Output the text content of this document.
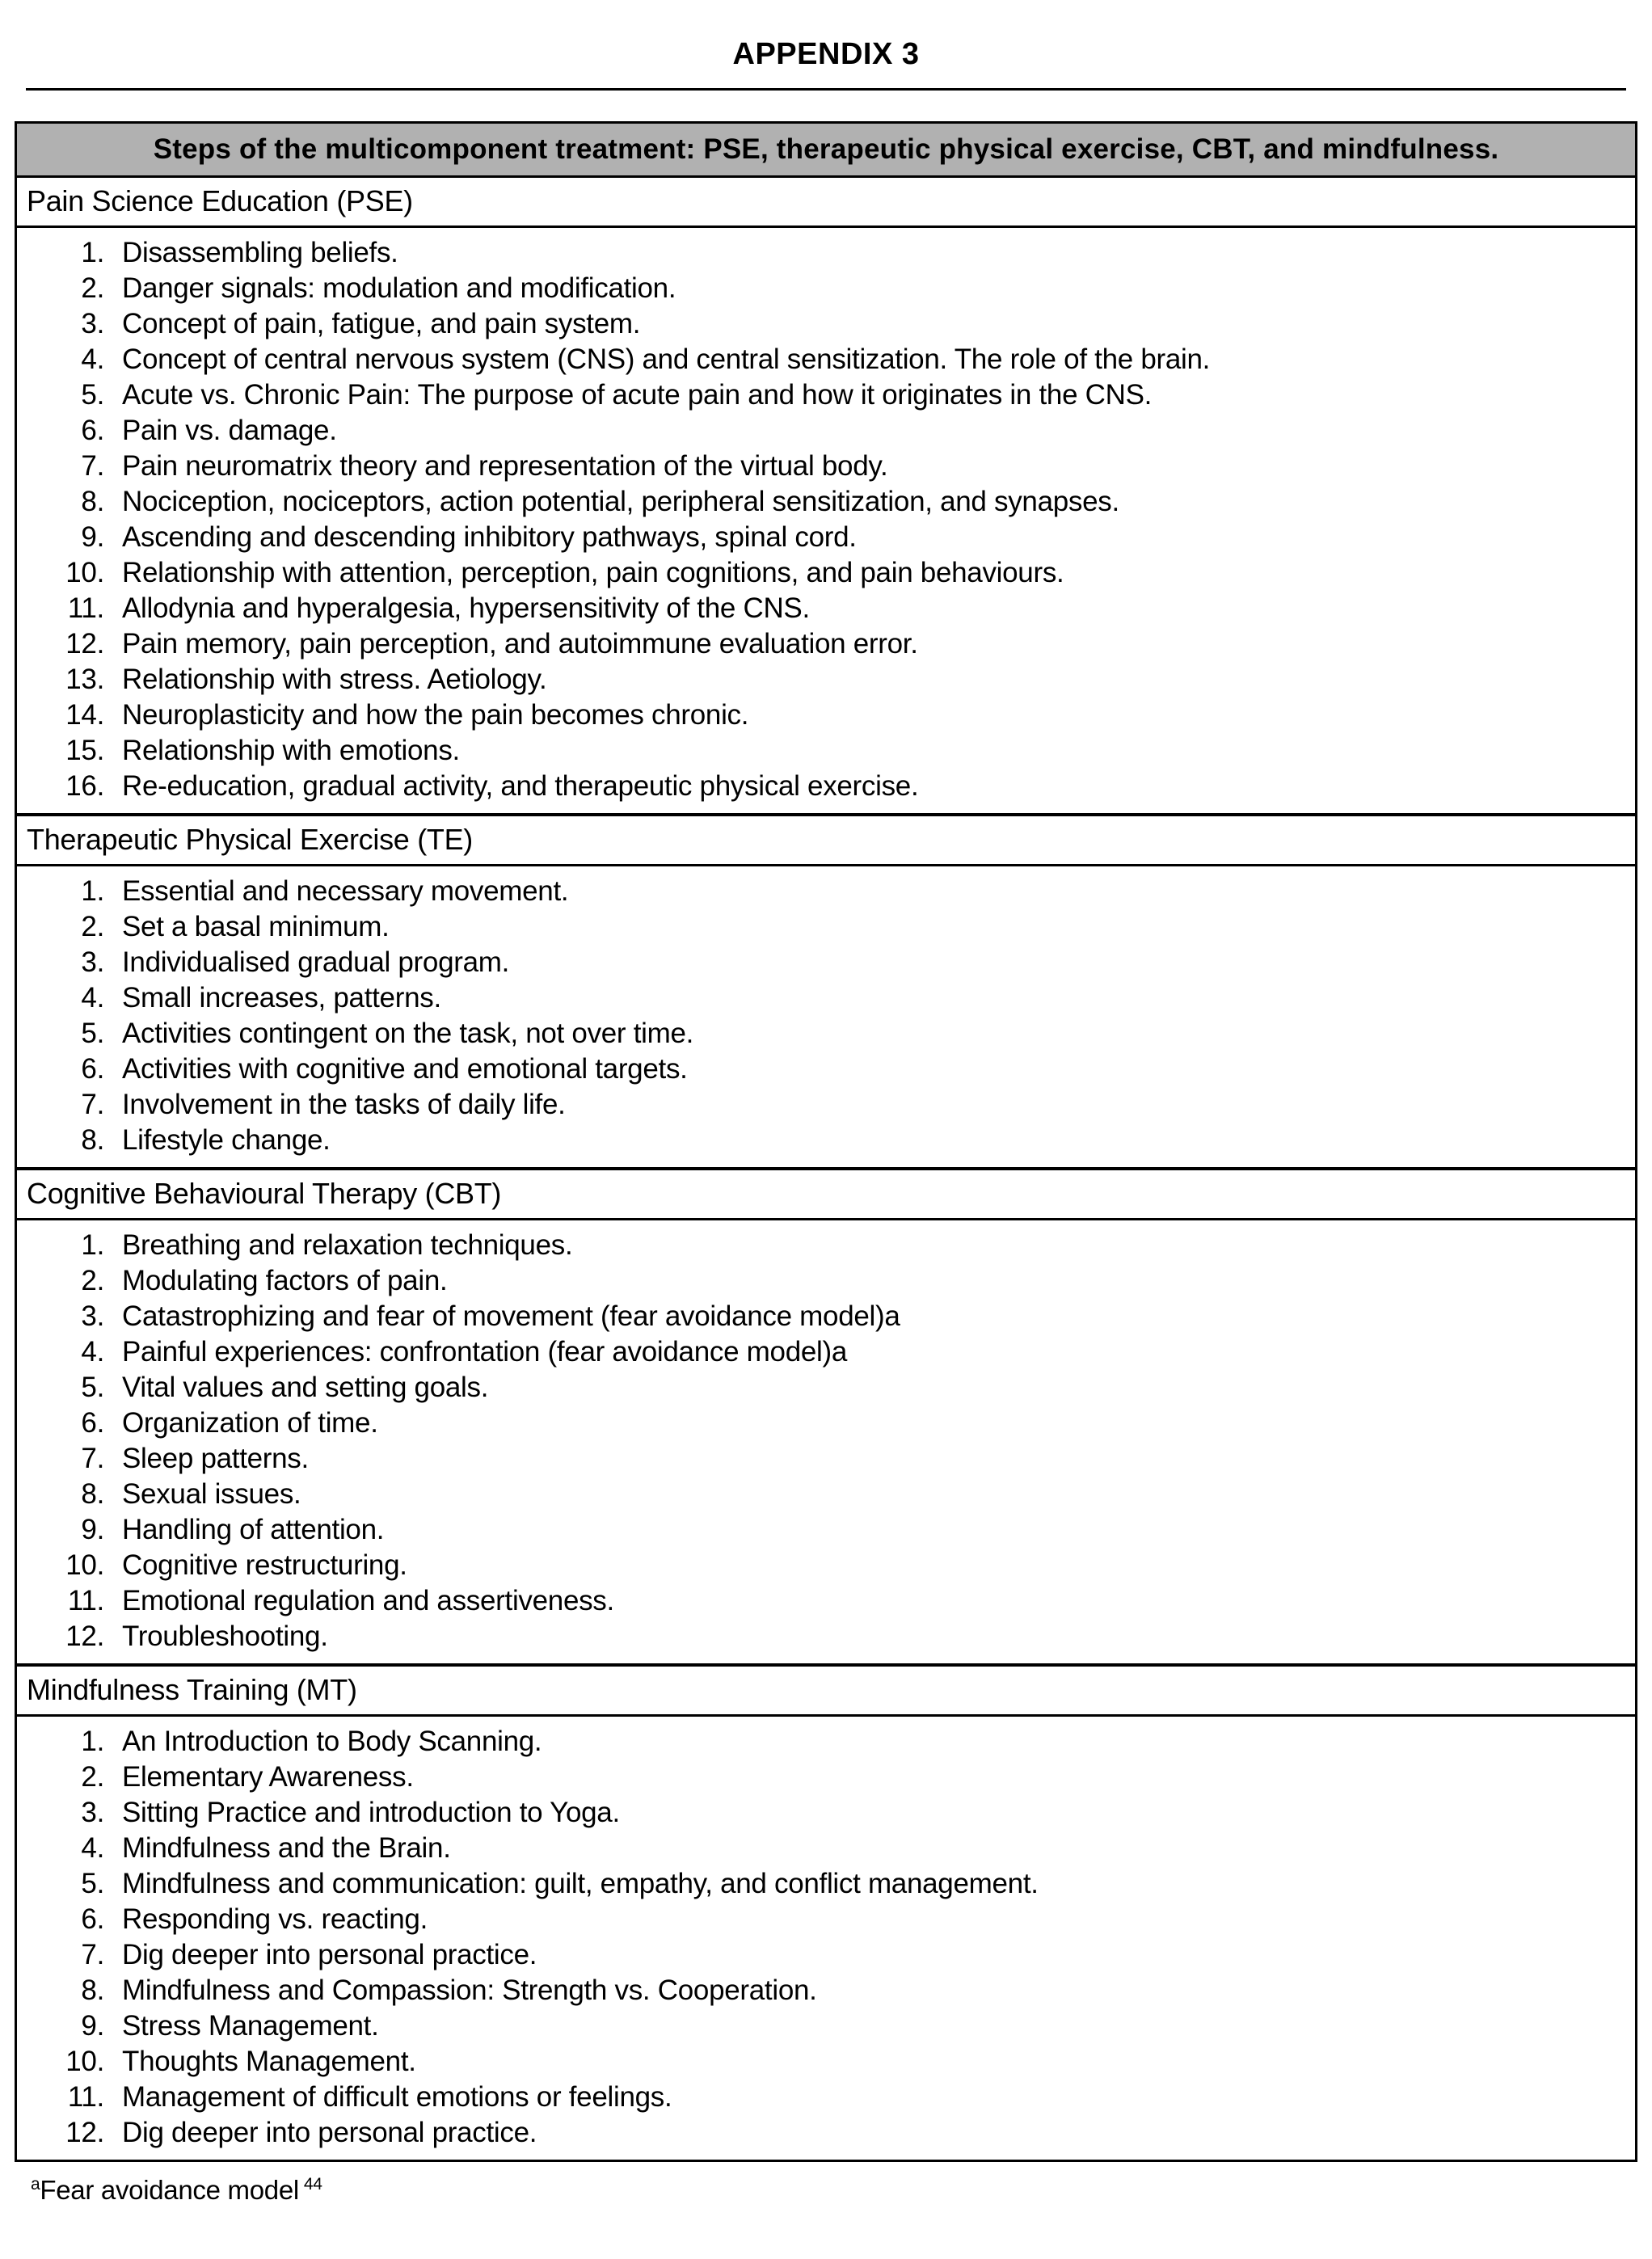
APPENDIX 3
Steps of the multicomponent treatment: PSE, therapeutic physical exercise, CBT, and mindfulness.
Pain Science Education (PSE)
1. Disassembling beliefs.
2. Danger signals: modulation and modification.
3. Concept of pain, fatigue, and pain system.
4. Concept of central nervous system (CNS) and central sensitization. The role of the brain.
5. Acute vs. Chronic Pain: The purpose of acute pain and how it originates in the CNS.
6. Pain vs. damage.
7. Pain neuromatrix theory and representation of the virtual body.
8. Nociception, nociceptors, action potential, peripheral sensitization, and synapses.
9. Ascending and descending inhibitory pathways, spinal cord.
10. Relationship with attention, perception, pain cognitions, and pain behaviours.
11. Allodynia and hyperalgesia, hypersensitivity of the CNS.
12. Pain memory, pain perception, and autoimmune evaluation error.
13. Relationship with stress. Aetiology.
14. Neuroplasticity and how the pain becomes chronic.
15. Relationship with emotions.
16. Re-education, gradual activity, and therapeutic physical exercise.
Therapeutic Physical Exercise (TE)
1. Essential and necessary movement.
2. Set a basal minimum.
3. Individualised gradual program.
4. Small increases, patterns.
5. Activities contingent on the task, not over time.
6. Activities with cognitive and emotional targets.
7. Involvement in the tasks of daily life.
8. Lifestyle change.
Cognitive Behavioural Therapy (CBT)
1. Breathing and relaxation techniques.
2. Modulating factors of pain.
3. Catastrophizing and fear of movement (fear avoidance model)a
4. Painful experiences: confrontation (fear avoidance model)a
5. Vital values and setting goals.
6. Organization of time.
7. Sleep patterns.
8. Sexual issues.
9. Handling of attention.
10. Cognitive restructuring.
11. Emotional regulation and assertiveness.
12. Troubleshooting.
Mindfulness Training (MT)
1. An Introduction to Body Scanning.
2. Elementary Awareness.
3. Sitting Practice and introduction to Yoga.
4. Mindfulness and the Brain.
5. Mindfulness and communication: guilt, empathy, and conflict management.
6. Responding vs. reacting.
7. Dig deeper into personal practice.
8. Mindfulness and Compassion: Strength vs. Cooperation.
9. Stress Management.
10. Thoughts Management.
11. Management of difficult emotions or feelings.
12. Dig deeper into personal practice.
$^a$Fear avoidance model $^{44}$
